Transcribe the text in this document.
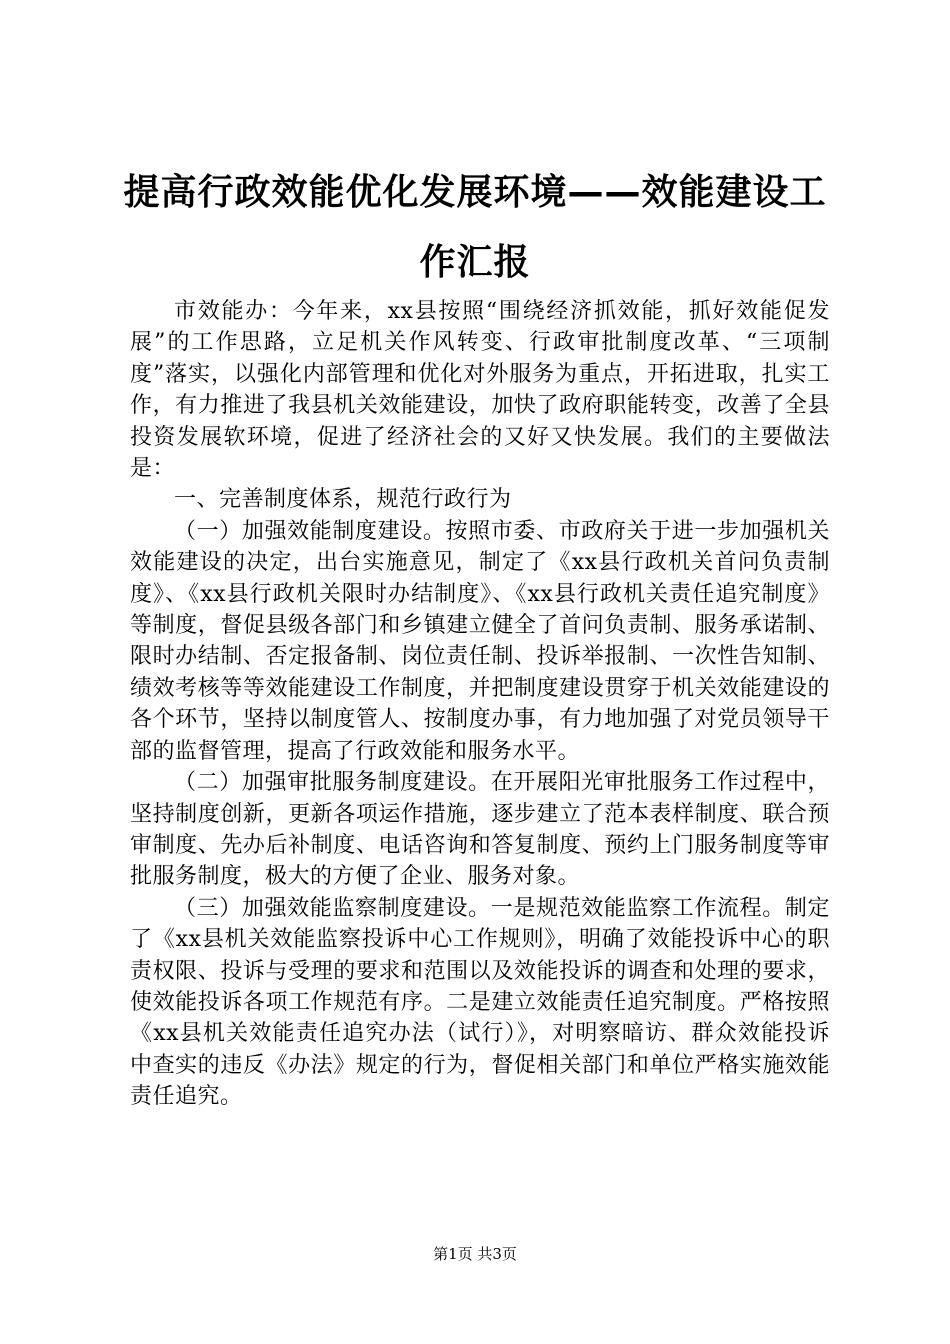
提高行政效能优化发展环境——效能建设工作汇报

市效能办：今年来，xx县按照“围绕经济抓效能，抓好效能促发展”的工作思路，立足机关作风转变、行政审批制度改革、“三项制度”落实，以强化内部管理和优化对外服务为重点，开拓进取，扎实工作，有力推进了我县机关效能建设，加快了政府职能转变，改善了全县投资发展软环境，促进了经济社会的又好又快发展。我们的主要做法是：

一、完善制度体系，规范行政行为

（一）加强效能制度建设。按照市委、市政府关于进一步加强机关效能建设的决定，出台实施意见，制定了《xx县行政机关首问负责制度》、《xx县行政机关限时办结制度》、《xx县行政机关责任追究制度》等制度，督促县级各部门和乡镇建立健全了首问负责制、服务承诺制、限时办结制、否定报备制、岗位责任制、投诉举报制、一次性告知制、绩效考核等等效能建设工作制度，并把制度建设贯穿于机关效能建设的各个环节，坚持以制度管人、按制度办事，有力地加强了对党员领导干部的监督管理，提高了行政效能和服务水平。

（二）加强审批服务制度建设。在开展阳光审批服务工作过程中，坚持制度创新，更新各项运作措施，逐步建立了范本表样制度、联合预审制度、先办后补制度、电话咨询和答复制度、预约上门服务制度等审批服务制度，极大的方便了企业、服务对象。

（三）加强效能监察制度建设。一是规范效能监察工作流程。制定了《xx县机关效能监察投诉中心工作规则》，明确了效能投诉中心的职责权限、投诉与受理的要求和范围以及效能投诉的调查和处理的要求，使效能投诉各项工作规范有序。二是建立效能责任追究制度。严格按照《xx县机关效能责任追究办法（试行）》，对明察暗访、群众效能投诉中查实的违反《办法》规定的行为，督促相关部门和单位严格实施效能责任追究。

第1页 共3页
